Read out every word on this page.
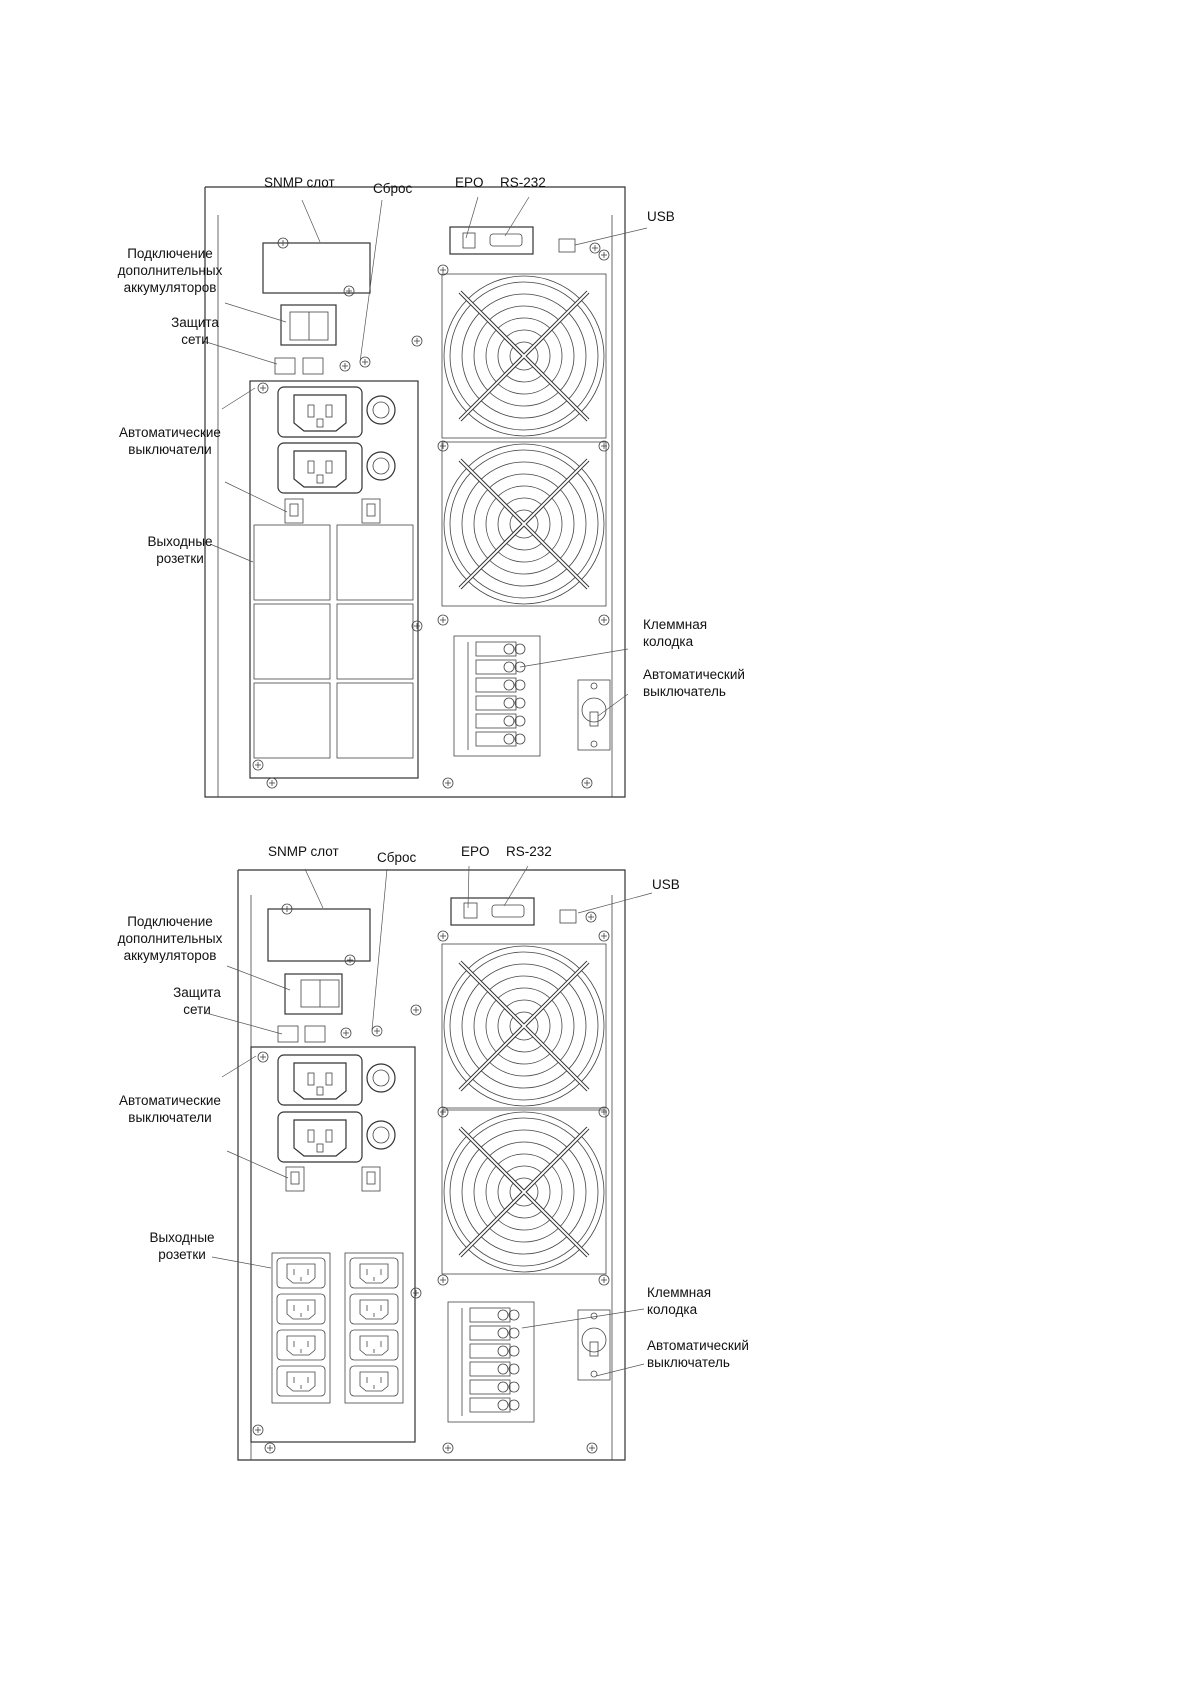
SNMP слот	Сброс	EPO RS-232
USB
Подключение
дополнительных
аккумуляторов
Защита
сети
Автоматические
выключатели
Выходные
розетки
Клеммная
колодка
Автоматический
выключатель
SNMP слот	Сброс	EPO RS-232
USB
Подключение
дополнительных
аккумуляторов
Защита
сети
Автоматические
выключатели
Выходные
розетки
Клеммная
колодка
Автоматический
выключатель
